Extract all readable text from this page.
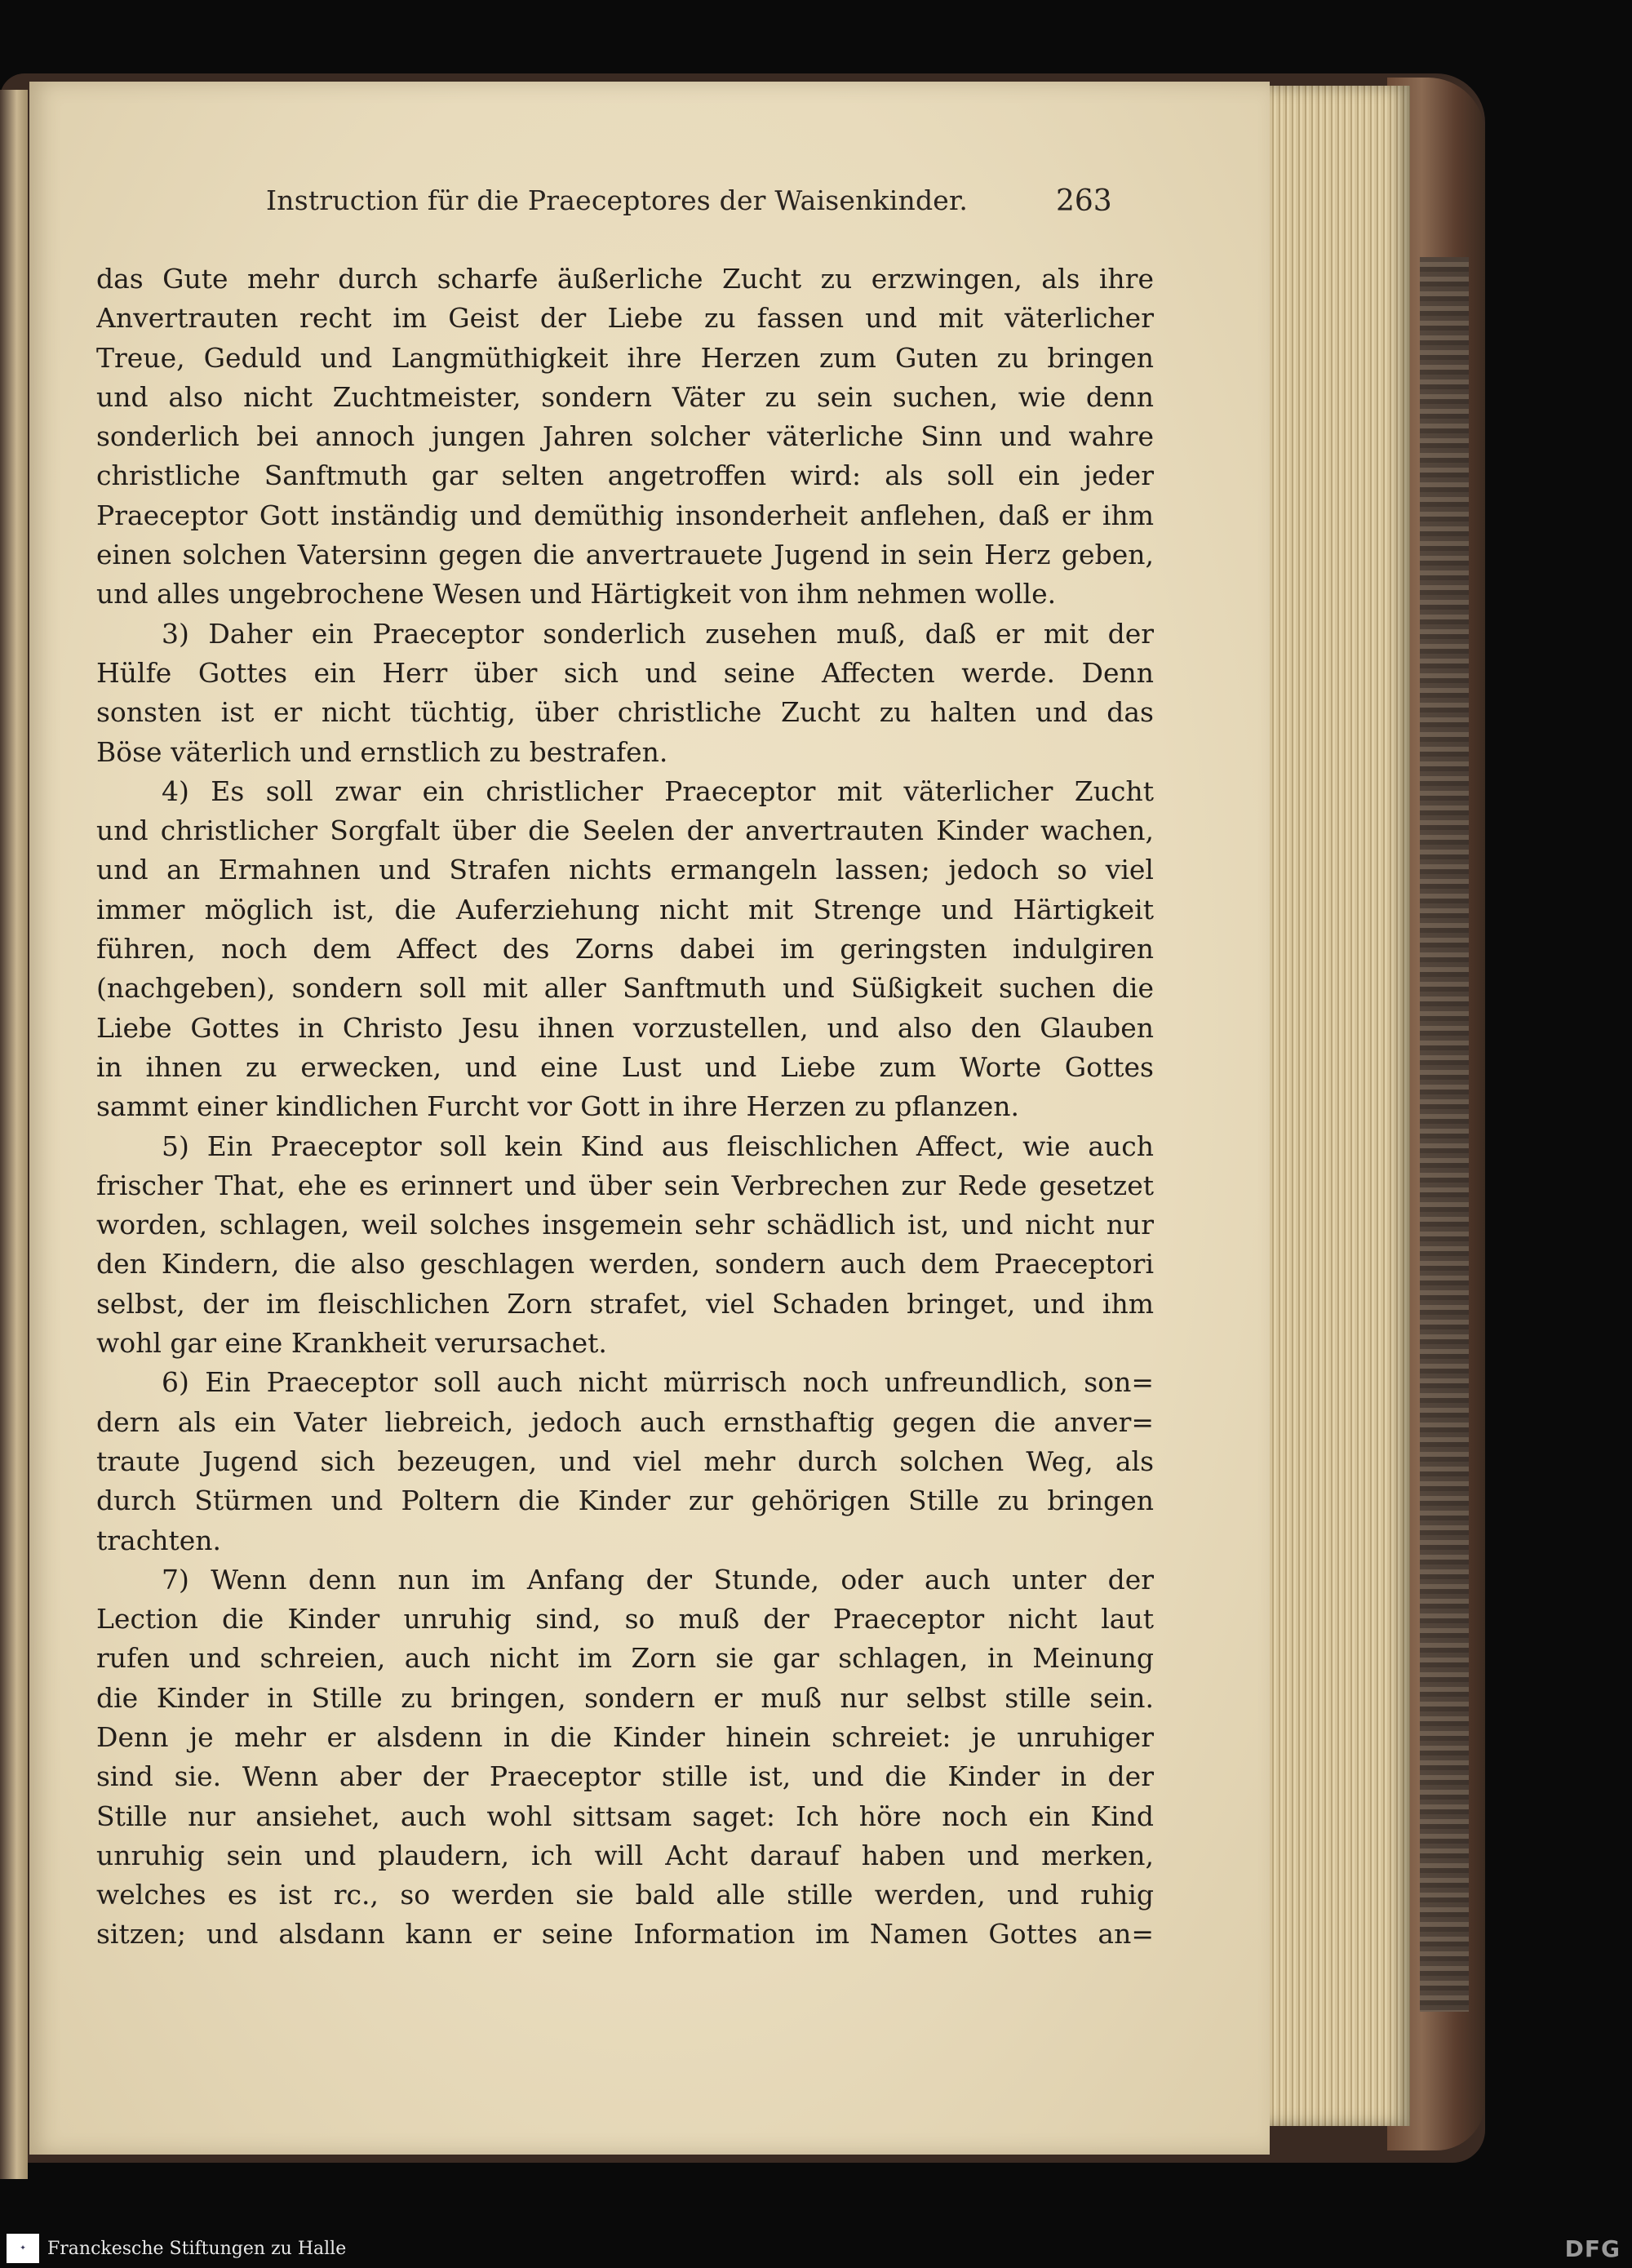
Instruction für die Praeceptores der Waisenkinder.	263
das Gute mehr durch scharfe äußerliche Zucht zu erzwingen, als ihre
Anvertrauten recht im Geist der Liebe zu fassen und mit väterlicher
Treue, Geduld und Langmüthigkeit ihre Herzen zum Guten zu bringen
und also nicht Zuchtmeister, sondern Väter zu sein suchen, wie denn
sonderlich bei annoch jungen Jahren solcher väterliche Sinn und wahre
christliche Sanftmuth gar selten angetroffen wird: als soll ein jeder
Praeceptor Gott inständig und demüthig insonderheit anflehen, daß er ihm
einen solchen Vatersinn gegen die anvertrauete Jugend in sein Herz geben,
und alles ungebrochene Wesen und Härtigkeit von ihm nehmen wolle.
3) Daher ein Praeceptor sonderlich zusehen muß, daß er mit der
Hülfe Gottes ein Herr über sich und seine Affecten werde. Denn
sonsten ist er nicht tüchtig, über christliche Zucht zu halten und das
Böse väterlich und ernstlich zu bestrafen.
4) Es soll zwar ein christlicher Praeceptor mit väterlicher Zucht
und christlicher Sorgfalt über die Seelen der anvertrauten Kinder wachen,
und an Ermahnen und Strafen nichts ermangeln lassen; jedoch so viel
immer möglich ist, die Auferziehung nicht mit Strenge und Härtigkeit
führen, noch dem Affect des Zorns dabei im geringsten indulgiren
(nachgeben), sondern soll mit aller Sanftmuth und Süßigkeit suchen die
Liebe Gottes in Christo Jesu ihnen vorzustellen, und also den Glauben
in ihnen zu erwecken, und eine Lust und Liebe zum Worte Gottes
sammt einer kindlichen Furcht vor Gott in ihre Herzen zu pflanzen.
5) Ein Praeceptor soll kein Kind aus fleischlichen Affect, wie auch
frischer That, ehe es erinnert und über sein Verbrechen zur Rede gesetzet
worden, schlagen, weil solches insgemein sehr schädlich ist, und nicht nur
den Kindern, die also geschlagen werden, sondern auch dem Praeceptori
selbst, der im fleischlichen Zorn strafet, viel Schaden bringet, und ihm
wohl gar eine Krankheit verursachet.
6) Ein Praeceptor soll auch nicht mürrisch noch unfreundlich, son=
dern als ein Vater liebreich, jedoch auch ernsthaftig gegen die anver=
traute Jugend sich bezeugen, und viel mehr durch solchen Weg, als
durch Stürmen und Poltern die Kinder zur gehörigen Stille zu bringen
trachten.
7) Wenn denn nun im Anfang der Stunde, oder auch unter der
Lection die Kinder unruhig sind, so muß der Praeceptor nicht laut
rufen und schreien, auch nicht im Zorn sie gar schlagen, in Meinung
die Kinder in Stille zu bringen, sondern er muß nur selbst stille sein.
Denn je mehr er alsdenn in die Kinder hinein schreiet: je unruhiger
sind sie. Wenn aber der Praeceptor stille ist, und die Kinder in der
Stille nur ansiehet, auch wohl sittsam saget: Ich höre noch ein Kind
unruhig sein und plaudern, ich will Acht darauf haben und merken,
welches es ist rc., so werden sie bald alle stille werden, und ruhig
sitzen; und alsdann kann er seine Information im Namen Gottes an=
✦ Franckesche Stiftungen zu Halle	DFG
